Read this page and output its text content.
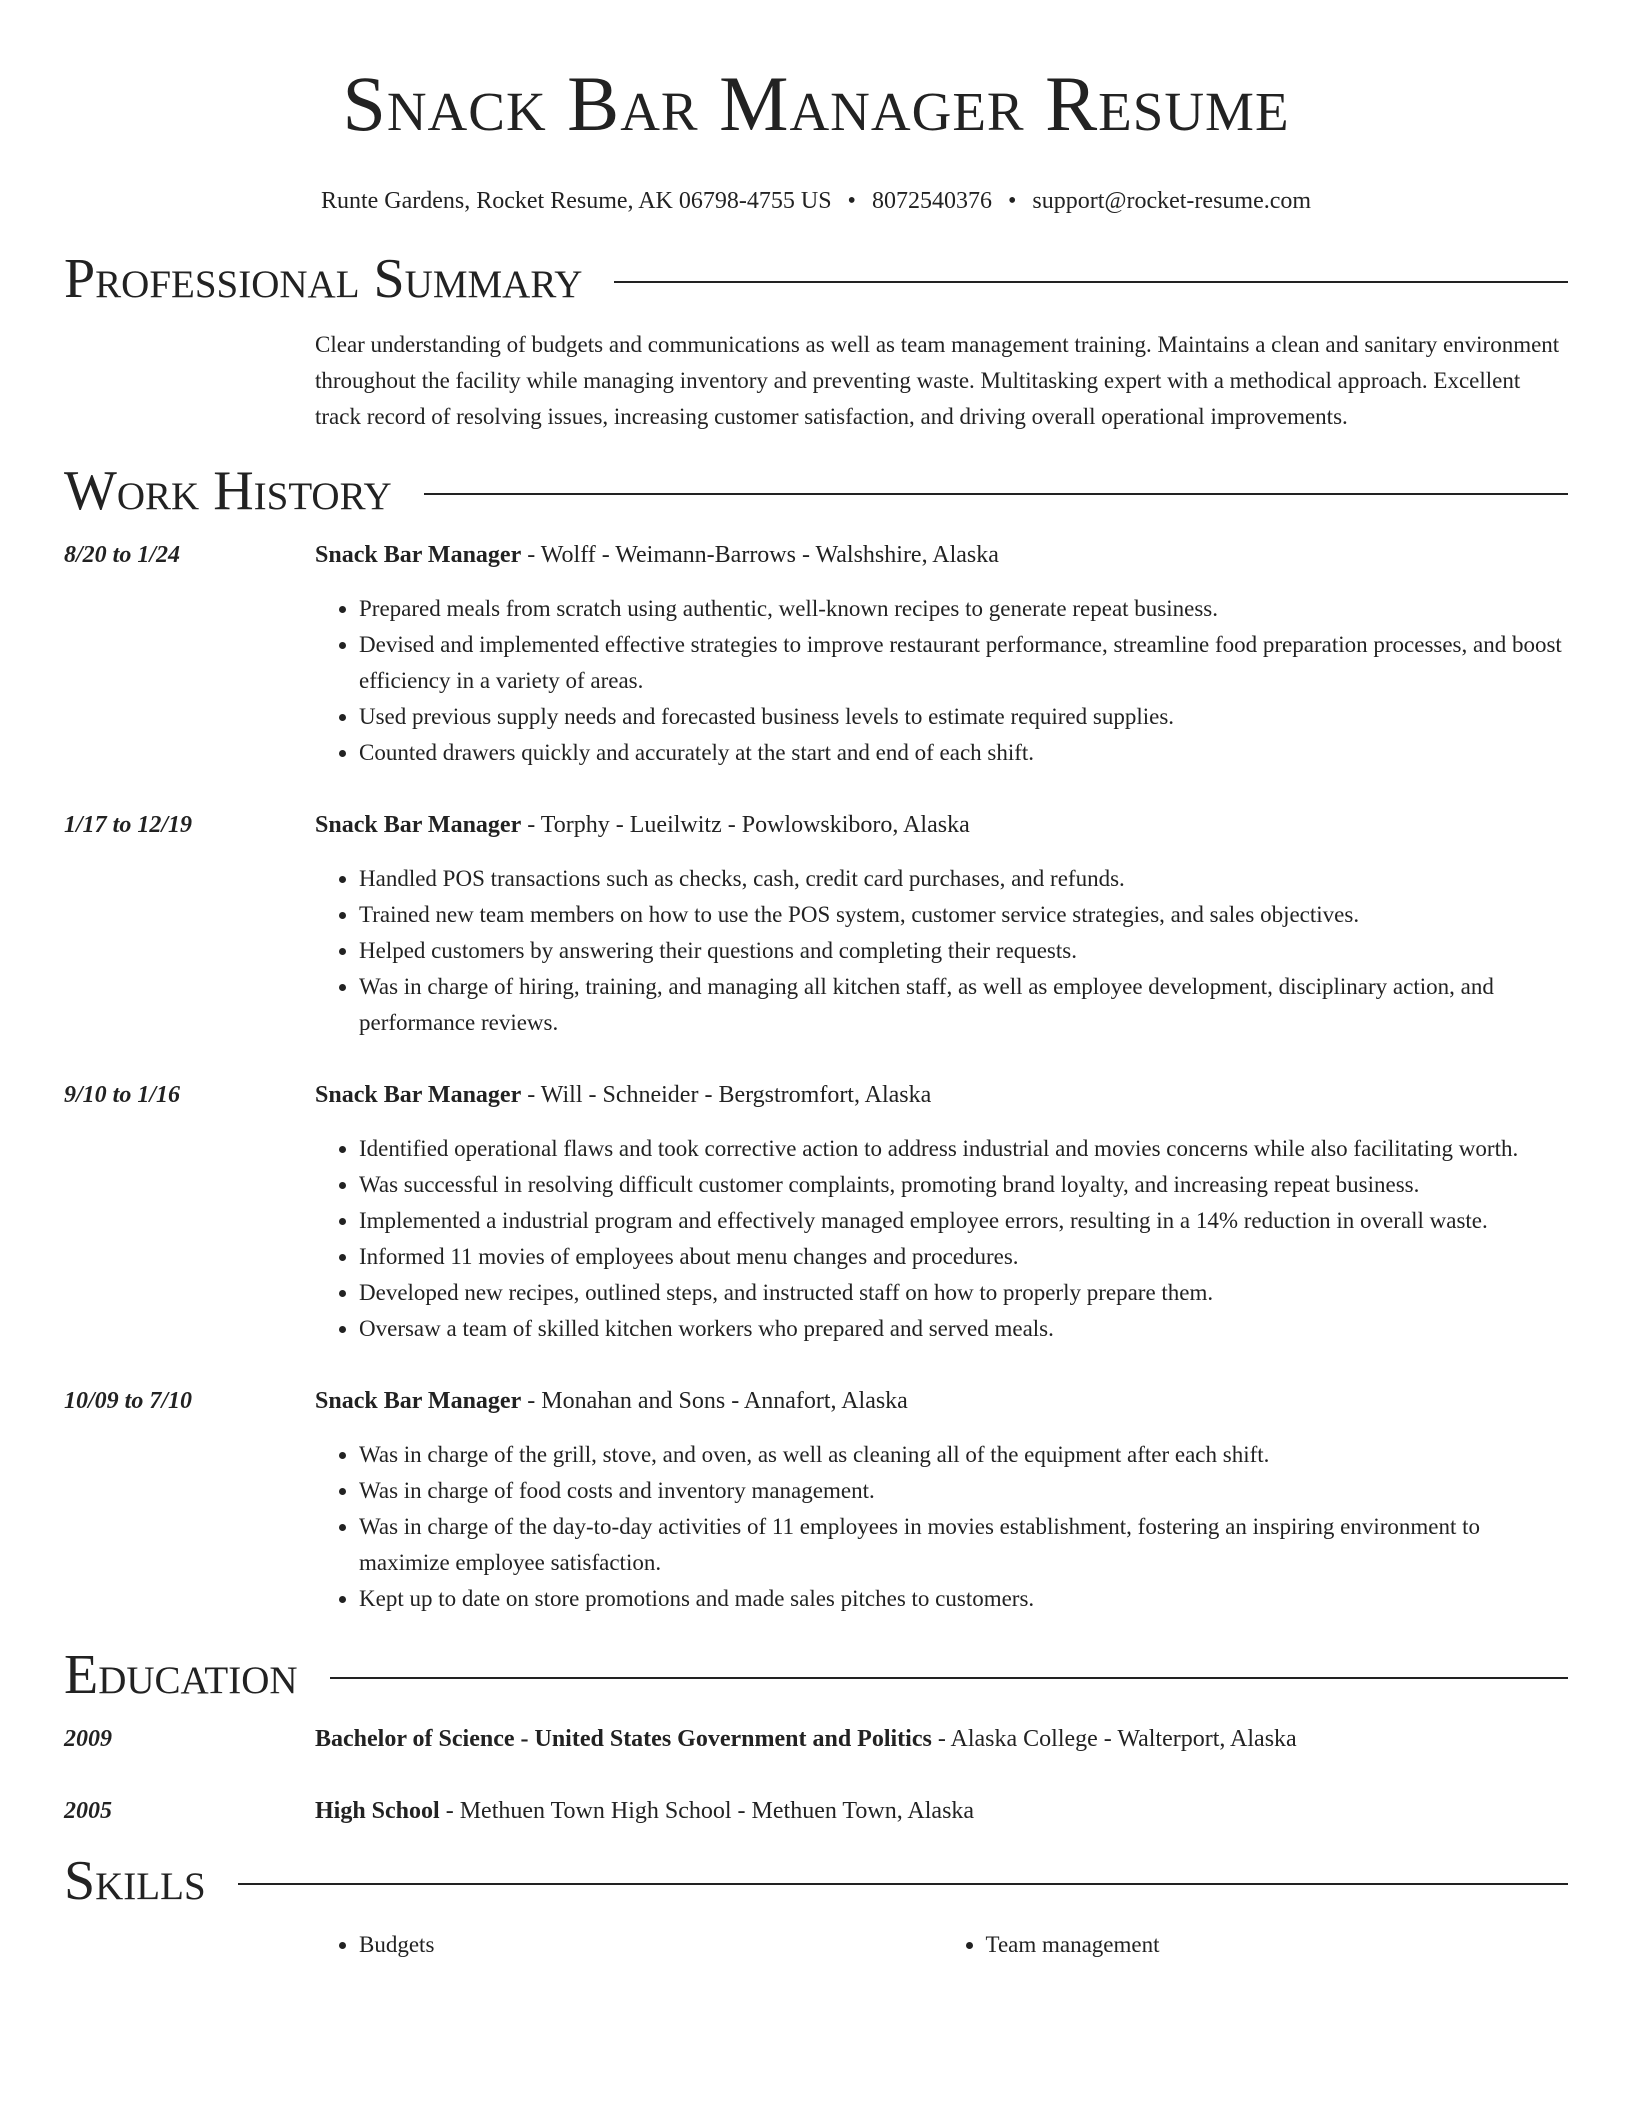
Snack Bar Manager Resume
Runte Gardens, Rocket Resume, AK 06798-4755 US • 8072540376 • support@rocket-resume.com
Professional Summary
Clear understanding of budgets and communications as well as team management training. Maintains a clean and sanitary environment throughout the facility while managing inventory and preventing waste. Multitasking expert with a methodical approach. Excellent track record of resolving issues, increasing customer satisfaction, and driving overall operational improvements.
Work History
8/20 to 1/24	Snack Bar Manager - Wolff - Weimann-Barrows - Walshshire, Alaska
• Prepared meals from scratch using authentic, well-known recipes to generate repeat business.
• Devised and implemented effective strategies to improve restaurant performance, streamline food preparation processes, and boost efficiency in a variety of areas.
• Used previous supply needs and forecasted business levels to estimate required supplies.
• Counted drawers quickly and accurately at the start and end of each shift.
1/17 to 12/19	Snack Bar Manager - Torphy - Lueilwitz - Powlowskiboro, Alaska
• Handled POS transactions such as checks, cash, credit card purchases, and refunds.
• Trained new team members on how to use the POS system, customer service strategies, and sales objectives.
• Helped customers by answering their questions and completing their requests.
• Was in charge of hiring, training, and managing all kitchen staff, as well as employee development, disciplinary action, and performance reviews.
9/10 to 1/16	Snack Bar Manager - Will - Schneider - Bergstromfort, Alaska
• Identified operational flaws and took corrective action to address industrial and movies concerns while also facilitating worth.
• Was successful in resolving difficult customer complaints, promoting brand loyalty, and increasing repeat business.
• Implemented a industrial program and effectively managed employee errors, resulting in a 14% reduction in overall waste.
• Informed 11 movies of employees about menu changes and procedures.
• Developed new recipes, outlined steps, and instructed staff on how to properly prepare them.
• Oversaw a team of skilled kitchen workers who prepared and served meals.
10/09 to 7/10	Snack Bar Manager - Monahan and Sons - Annafort, Alaska
• Was in charge of the grill, stove, and oven, as well as cleaning all of the equipment after each shift.
• Was in charge of food costs and inventory management.
• Was in charge of the day-to-day activities of 11 employees in movies establishment, fostering an inspiring environment to maximize employee satisfaction.
• Kept up to date on store promotions and made sales pitches to customers.
Education
2009	Bachelor of Science - United States Government and Politics - Alaska College - Walterport, Alaska
2005	High School - Methuen Town High School - Methuen Town, Alaska
Skills
• Budgets
•	Team management
